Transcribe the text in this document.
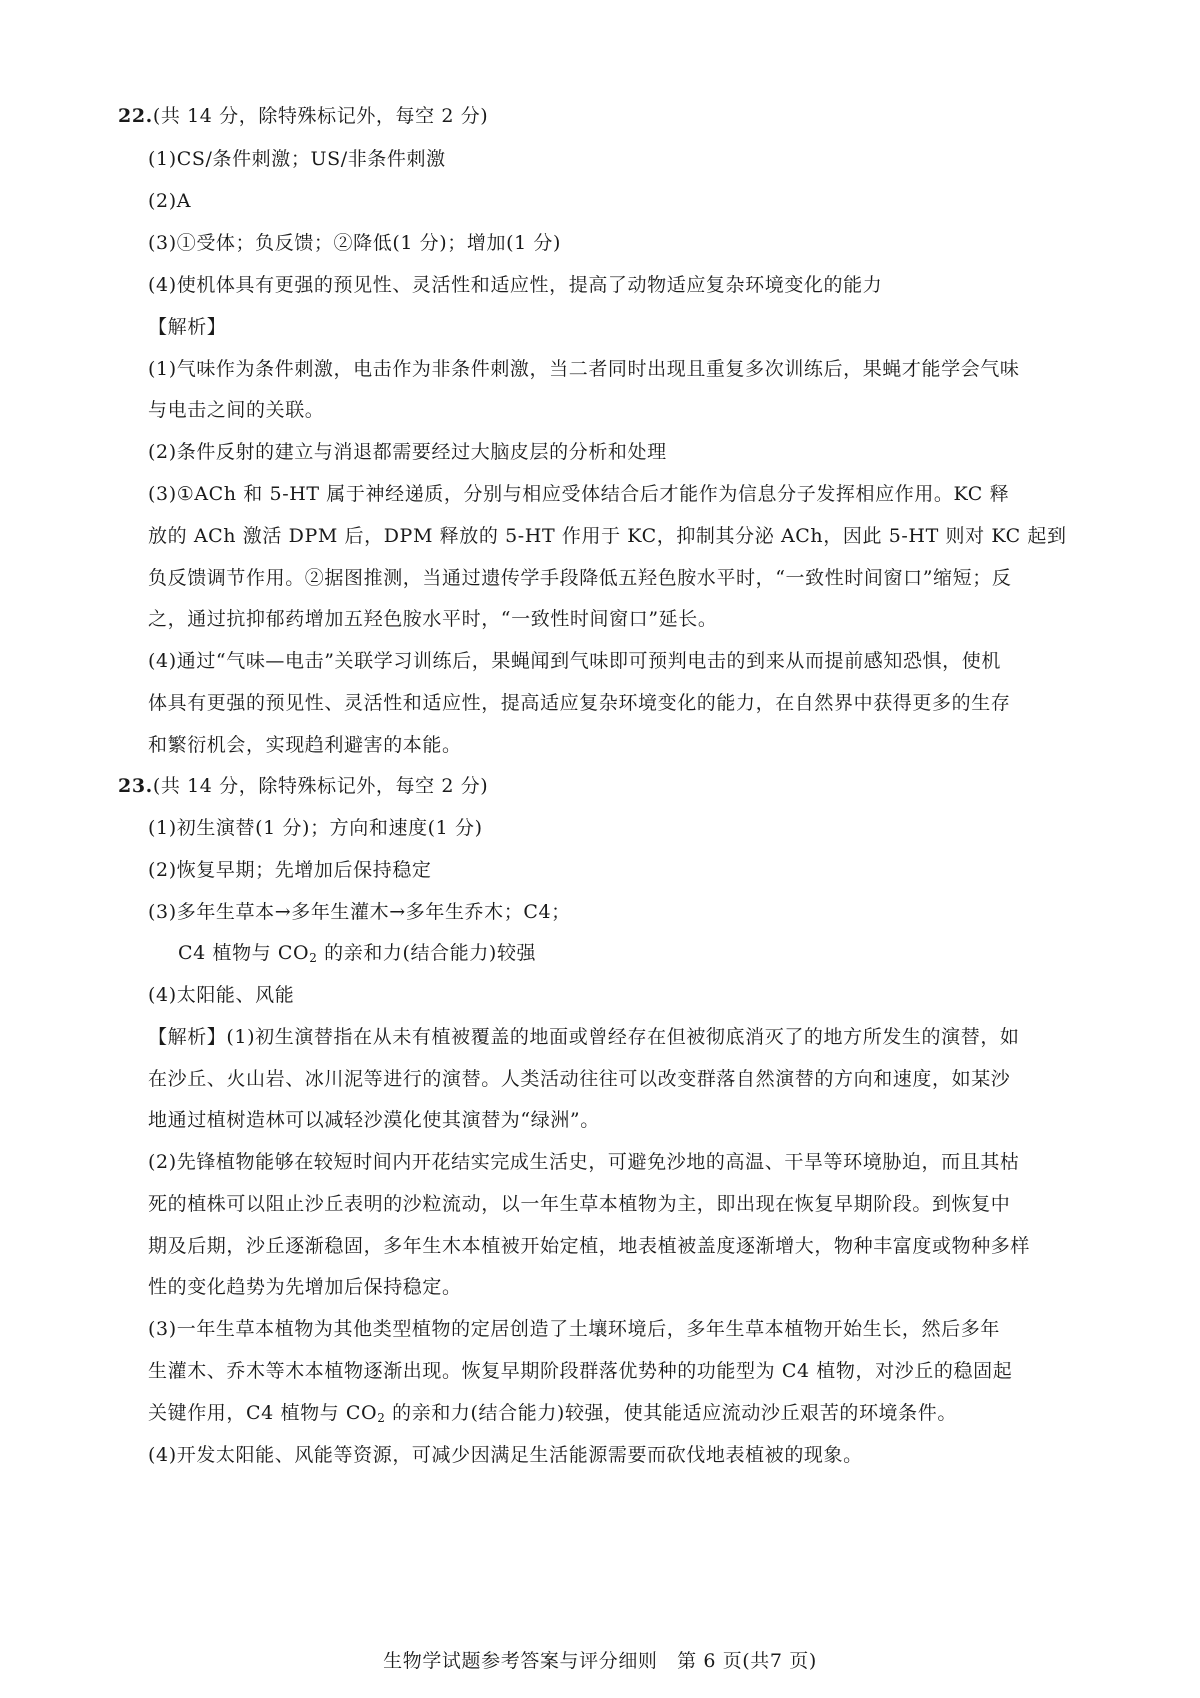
22.(共 14 分，除特殊标记外，每空 2 分)
(1)CS/条件刺激；US/非条件刺激
(2)A
(3)①受体；负反馈；②降低(1 分)；增加(1 分)
(4)使机体具有更强的预见性、灵活性和适应性，提高了动物适应复杂环境变化的能力
【解析】
(1)气味作为条件刺激，电击作为非条件刺激，当二者同时出现且重复多次训练后，果蝇才能学会气味
与电击之间的关联。
(2)条件反射的建立与消退都需要经过大脑皮层的分析和处理
(3)①ACh 和 5-HT 属于神经递质，分别与相应受体结合后才能作为信息分子发挥相应作用。KC 释
放的 ACh 激活 DPM 后，DPM 释放的 5-HT 作用于 KC，抑制其分泌 ACh，因此 5-HT 则对 KC 起到
负反馈调节作用。②据图推测，当通过遗传学手段降低五羟色胺水平时，“一致性时间窗口”缩短；反
之，通过抗抑郁药增加五羟色胺水平时，“一致性时间窗口”延长。
(4)通过“气味—电击”关联学习训练后，果蝇闻到气味即可预判电击的到来从而提前感知恐惧，使机
体具有更强的预见性、灵活性和适应性，提高适应复杂环境变化的能力，在自然界中获得更多的生存
和繁衍机会，实现趋利避害的本能。
23.(共 14 分，除特殊标记外，每空 2 分)
(1)初生演替(1 分)；方向和速度(1 分)
(2)恢复早期；先增加后保持稳定
(3)多年生草本→多年生灌木→多年生乔木；C4；
C4 植物与 $CO_2$ 的亲和力(结合能力)较强
(4)太阳能、风能
【解析】(1)初生演替指在从未有植被覆盖的地面或曾经存在但被彻底消灭了的地方所发生的演替，如
在沙丘、火山岩、冰川泥等进行的演替。人类活动往往可以改变群落自然演替的方向和速度，如某沙
地通过植树造林可以减轻沙漠化使其演替为“绿洲”。
(2)先锋植物能够在较短时间内开花结实完成生活史，可避免沙地的高温、干旱等环境胁迫，而且其枯
死的植株可以阻止沙丘表明的沙粒流动，以一年生草本植物为主，即出现在恢复早期阶段。到恢复中
期及后期，沙丘逐渐稳固，多年生木本植被开始定植，地表植被盖度逐渐增大，物种丰富度或物种多样
性的变化趋势为先增加后保持稳定。
(3)一年生草本植物为其他类型植物的定居创造了土壤环境后，多年生草本植物开始生长，然后多年
生灌木、乔木等木本植物逐渐出现。恢复早期阶段群落优势种的功能型为 C4 植物，对沙丘的稳固起
关键作用，C4 植物与 $CO_2$ 的亲和力(结合能力)较强，使其能适应流动沙丘艰苦的环境条件。
(4)开发太阳能、风能等资源，可减少因满足生活能源需要而砍伐地表植被的现象。
生物学试题参考答案与评分细则　第 6 页(共7 页)
